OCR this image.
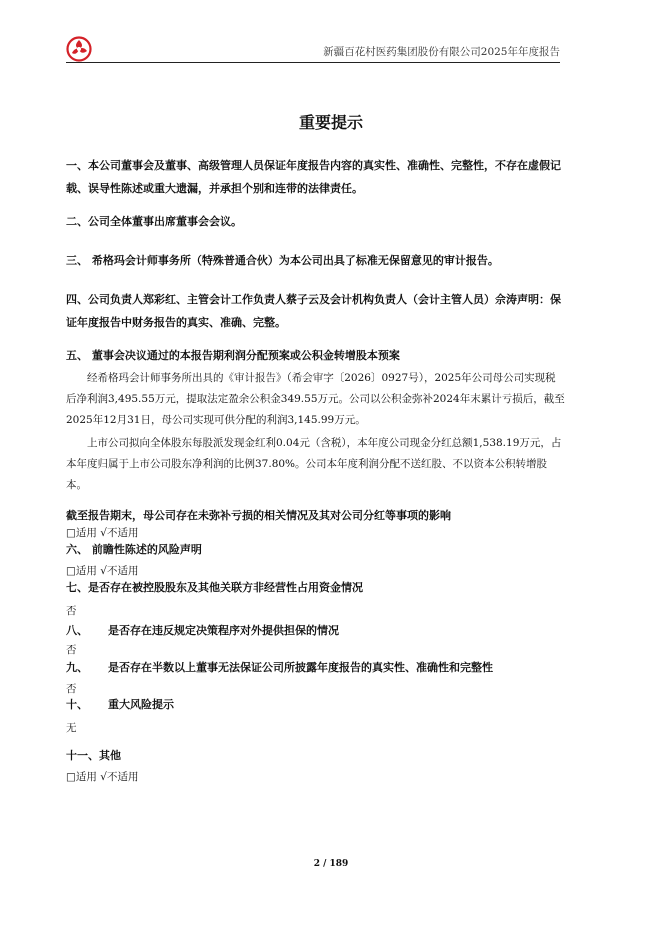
新疆百花村医药集团股份有限公司2025年年度报告
重要提示
一、本公司董事会及董事、高级管理人员保证年度报告内容的真实性、准确性、完整性，不存在虚假记载、误导性陈述或重大遗漏，并承担个别和连带的法律责任。
二、公司全体董事出席董事会会议。
三、 希格玛会计师事务所（特殊普通合伙）为本公司出具了标准无保留意见的审计报告。
四、公司负责人郑彩红、主管会计工作负责人蔡子云及会计机构负责人（会计主管人员）佘涛声明：保证年度报告中财务报告的真实、准确、完整。
五、 董事会决议通过的本报告期利润分配预案或公积金转增股本预案
经希格玛会计师事务所出具的《审计报告》（希会审字〔2026〕0927号），2025年公司母公司实现税后净利润3,495.55万元，提取法定盈余公积金349.55万元。公司以公积金弥补2024年末累计亏损后，截至2025年12月31日，母公司实现可供分配的利润3,145.99万元。
上市公司拟向全体股东每股派发现金红利0.04元（含税），本年度公司现金分红总额1,538.19万元，占本年度归属于上市公司股东净利润的比例37.80%。公司本年度利润分配不送红股、不以资本公积转增股本。
截至报告期末，母公司存在未弥补亏损的相关情况及其对公司分红等事项的影响
□适用 √不适用
六、 前瞻性陈述的风险声明
□适用 √不适用
七、是否存在被控股股东及其他关联方非经营性占用资金情况
否
八、 是否存在违反规定决策程序对外提供担保的情况
否
九、 是否存在半数以上董事无法保证公司所披露年度报告的真实性、准确性和完整性
否
十、 重大风险提示
无
十一、其他
□适用 √不适用
2 / 189
